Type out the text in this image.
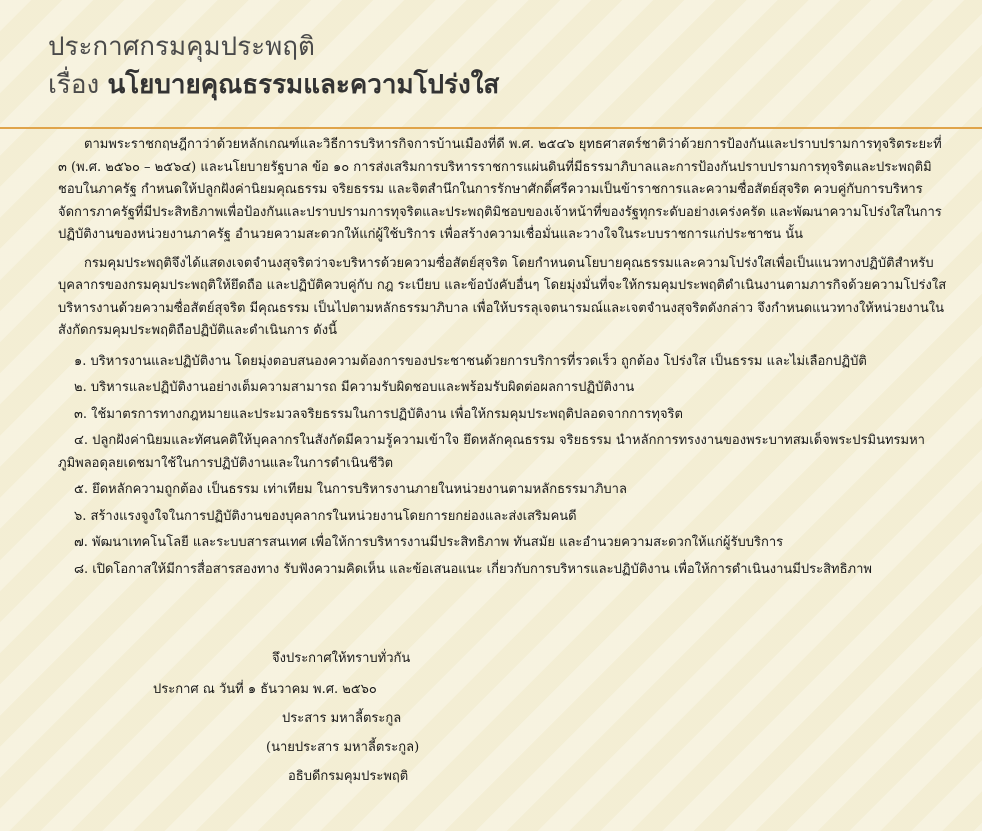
ประกาศกรมคุมประพฤติ
เรื่อง นโยบายคุณธรรมและความโปร่งใส

ตามพระราชกฤษฎีกาว่าด้วยหลักเกณฑ์และวิธีการบริหารกิจการบ้านเมืองที่ดี พ.ศ. ๒๕๔๖ ยุทธศาสตร์ชาติว่าด้วยการป้องกันและปราบปรามการทุจริตระยะที่ ๓ (พ.ศ. ๒๕๖๐ – ๒๕๖๔) และนโยบายรัฐบาล ข้อ ๑๐ การส่งเสริมการบริหารราชการแผ่นดินที่มีธรรมาภิบาลและการป้องกันปราบปรามการทุจริตและประพฤติมิชอบในภาครัฐ กำหนดให้ปลูกฝังค่านิยมคุณธรรม จริยธรรม และจิตสำนึกในการรักษาศักดิ์ศรีความเป็นข้าราชการและความซื่อสัตย์สุจริต ควบคู่กับการบริหารจัดการภาครัฐที่มีประสิทธิภาพเพื่อป้องกันและปราบปรามการทุจริตและประพฤติมิชอบของเจ้าหน้าที่ของรัฐทุกระดับอย่างเคร่งครัด และพัฒนาความโปร่งใสในการปฏิบัติงานของหน่วยงานภาครัฐ อำนวยความสะดวกให้แก่ผู้ใช้บริการ เพื่อสร้างความเชื่อมั่นและวางใจในระบบราชการแก่ประชาชน นั้น

กรมคุมประพฤติจึงได้แสดงเจตจำนงสุจริตว่าจะบริหารด้วยความซื่อสัตย์สุจริต โดยกำหนดนโยบายคุณธรรมและความโปร่งใสเพื่อเป็นแนวทางปฏิบัติสำหรับบุคลากรของกรมคุมประพฤติให้ยึดถือ และปฏิบัติควบคู่กับ กฎ ระเบียบ และข้อบังคับอื่นๆ โดยมุ่งมั่นที่จะให้กรมคุมประพฤติดำเนินงานตามภารกิจด้วยความโปร่งใส บริหารงานด้วยความซื่อสัตย์สุจริต มีคุณธรรม เป็นไปตามหลักธรรมาภิบาล เพื่อให้บรรลุเจตนารมณ์และเจตจำนงสุจริตดังกล่าว จึงกำหนดแนวทางให้หน่วยงานในสังกัดกรมคุมประพฤติถือปฏิบัติและดำเนินการ ดังนี้

๑. บริหารงานและปฏิบัติงาน โดยมุ่งตอบสนองความต้องการของประชาชนด้วยการบริการที่รวดเร็ว ถูกต้อง โปร่งใส เป็นธรรม และไม่เลือกปฏิบัติ

๒. บริหารและปฏิบัติงานอย่างเต็มความสามารถ มีความรับผิดชอบและพร้อมรับผิดต่อผลการปฏิบัติงาน

๓. ใช้มาตรการทางกฎหมายและประมวลจริยธรรมในการปฏิบัติงาน เพื่อให้กรมคุมประพฤติปลอดจากการทุจริต

๔. ปลูกฝังค่านิยมและทัศนคติให้บุคลากรในสังกัดมีความรู้ความเข้าใจ ยึดหลักคุณธรรม จริยธรรม นำหลักการทรงงานของพระบาทสมเด็จพระปรมินทรมหาภูมิพลอดุลยเดชมาใช้ในการปฏิบัติงานและในการดำเนินชีวิต

๕. ยึดหลักความถูกต้อง เป็นธรรม เท่าเทียม ในการบริหารงานภายในหน่วยงานตามหลักธรรมาภิบาล

๖. สร้างแรงจูงใจในการปฏิบัติงานของบุคลากรในหน่วยงานโดยการยกย่องและส่งเสริมคนดี

๗. พัฒนาเทคโนโลยี และระบบสารสนเทศ เพื่อให้การบริหารงานมีประสิทธิภาพ ทันสมัย และอำนวยความสะดวกให้แก่ผู้รับบริการ

๘. เปิดโอกาสให้มีการสื่อสารสองทาง รับฟังความคิดเห็น และข้อเสนอแนะ เกี่ยวกับการบริหารและปฏิบัติงาน เพื่อให้การดำเนินงานมีประสิทธิภาพ

จึงประกาศให้ทราบทั่วกัน
ประกาศ ณ วันที่ ๑ ธันวาคม พ.ศ. ๒๕๖๐
ประสาร มหาลี้ตระกูล
(นายประสาร มหาลี้ตระกูล)
อธิบดีกรมคุมประพฤติ
